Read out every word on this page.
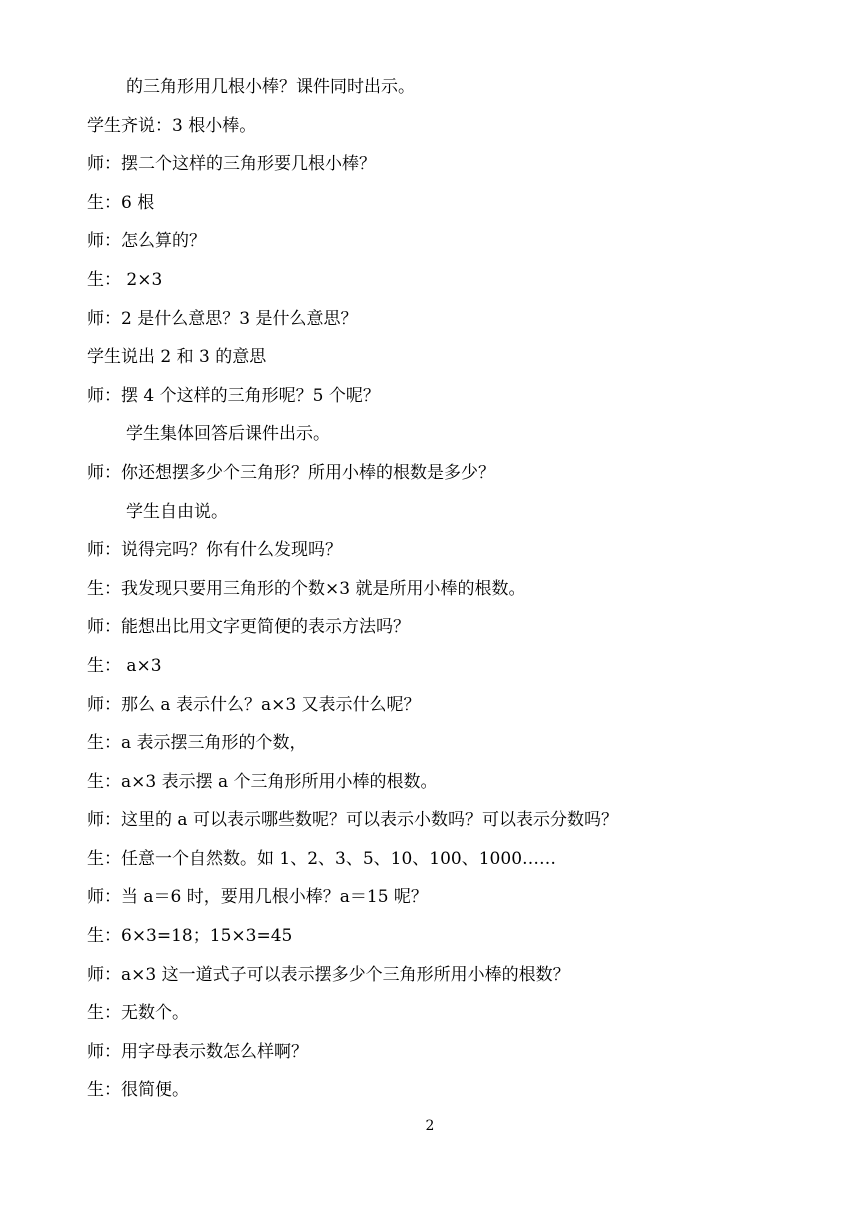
的三角形用几根小棒？课件同时出示。
学生齐说：3 根小棒。
师：摆二个这样的三角形要几根小棒？
生：6 根
师：怎么算的？
生： 2×3
师：2 是什么意思？3 是什么意思？
学生说出 2 和 3 的意思
师：摆 4 个这样的三角形呢？5 个呢？
学生集体回答后课件出示。
师：你还想摆多少个三角形？所用小棒的根数是多少？
学生自由说。
师：说得完吗？你有什么发现吗？
生：我发现只要用三角形的个数×3 就是所用小棒的根数。
师：能想出比用文字更简便的表示方法吗？
生： a×3
师：那么 a 表示什么？a×3 又表示什么呢？
生：a 表示摆三角形的个数，
生：a×3 表示摆 a 个三角形所用小棒的根数。
师：这里的 a 可以表示哪些数呢？可以表示小数吗？可以表示分数吗？
生：任意一个自然数。如 1、2、3、5、10、100、1000……
师：当 a＝6 时，要用几根小棒？a＝15 呢？
生：6×3=18；15×3=45
师：a×3 这一道式子可以表示摆多少个三角形所用小棒的根数？
生：无数个。
师：用字母表示数怎么样啊？
生：很简便。
2
